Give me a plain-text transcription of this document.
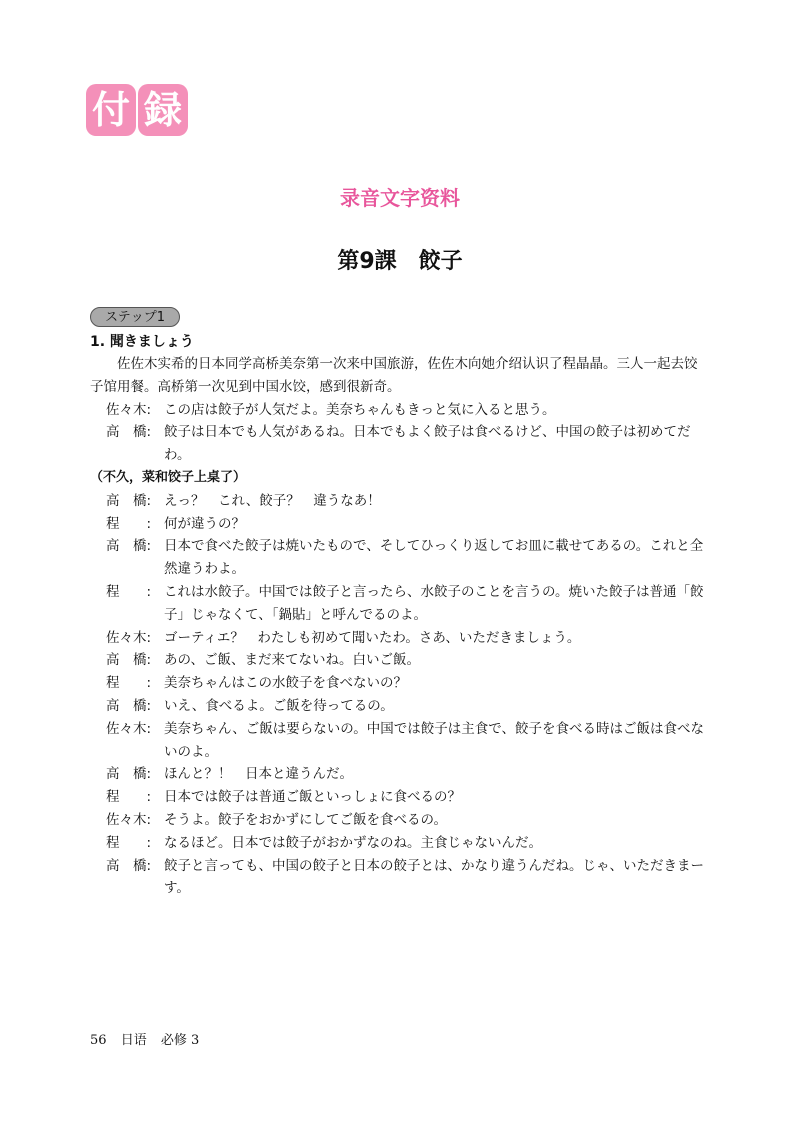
付 録
录音文字资料
第9課　餃子
ステップ1
1. 聞きましょう
佐佐木实希的日本同学高桥美奈第一次来中国旅游，佐佐木向她介绍认识了程晶晶。三人一起去饺子馆用餐。高桥第一次见到中国水饺，感到很新奇。
佐々木: この店は餃子が人気だよ。美奈ちゃんもきっと気に入ると思う。
高　橋: 餃子は日本でも人気があるね。日本でもよく餃子は食べるけど、中国の餃子は初めてだわ。
（不久，菜和饺子上桌了）
高　橋: えっ？　これ、餃子？　違うなあ！
程　　: 何が違うの？
高　橋: 日本で食べた餃子は焼いたもので、そしてひっくり返してお皿に載せてあるの。これと全然違うわよ。
程　　: これは水餃子。中国では餃子と言ったら、水餃子のことを言うの。焼いた餃子は普通「餃子」じゃなくて、「鍋貼」と呼んでるのよ。
佐々木: ゴーティエ？　わたしも初めて聞いたわ。さあ、いただきましょう。
高　橋: あの、ご飯、まだ来てないね。白いご飯。
程　　: 美奈ちゃんはこの水餃子を食べないの？
高　橋: いえ、食べるよ。ご飯を待ってるの。
佐々木: 美奈ちゃん、ご飯は要らないの。中国では餃子は主食で、餃子を食べる時はご飯は食べないのよ。
高　橋: ほんと？！　日本と違うんだ。
程　　: 日本では餃子は普通ご飯といっしょに食べるの？
佐々木: そうよ。餃子をおかずにしてご飯を食べるの。
程　　: なるほど。日本では餃子がおかずなのね。主食じゃないんだ。
高　橋: 餃子と言っても、中国の餃子と日本の餃子とは、かなり違うんだね。じゃ、いただきまーす。
56 日语 必修 3
